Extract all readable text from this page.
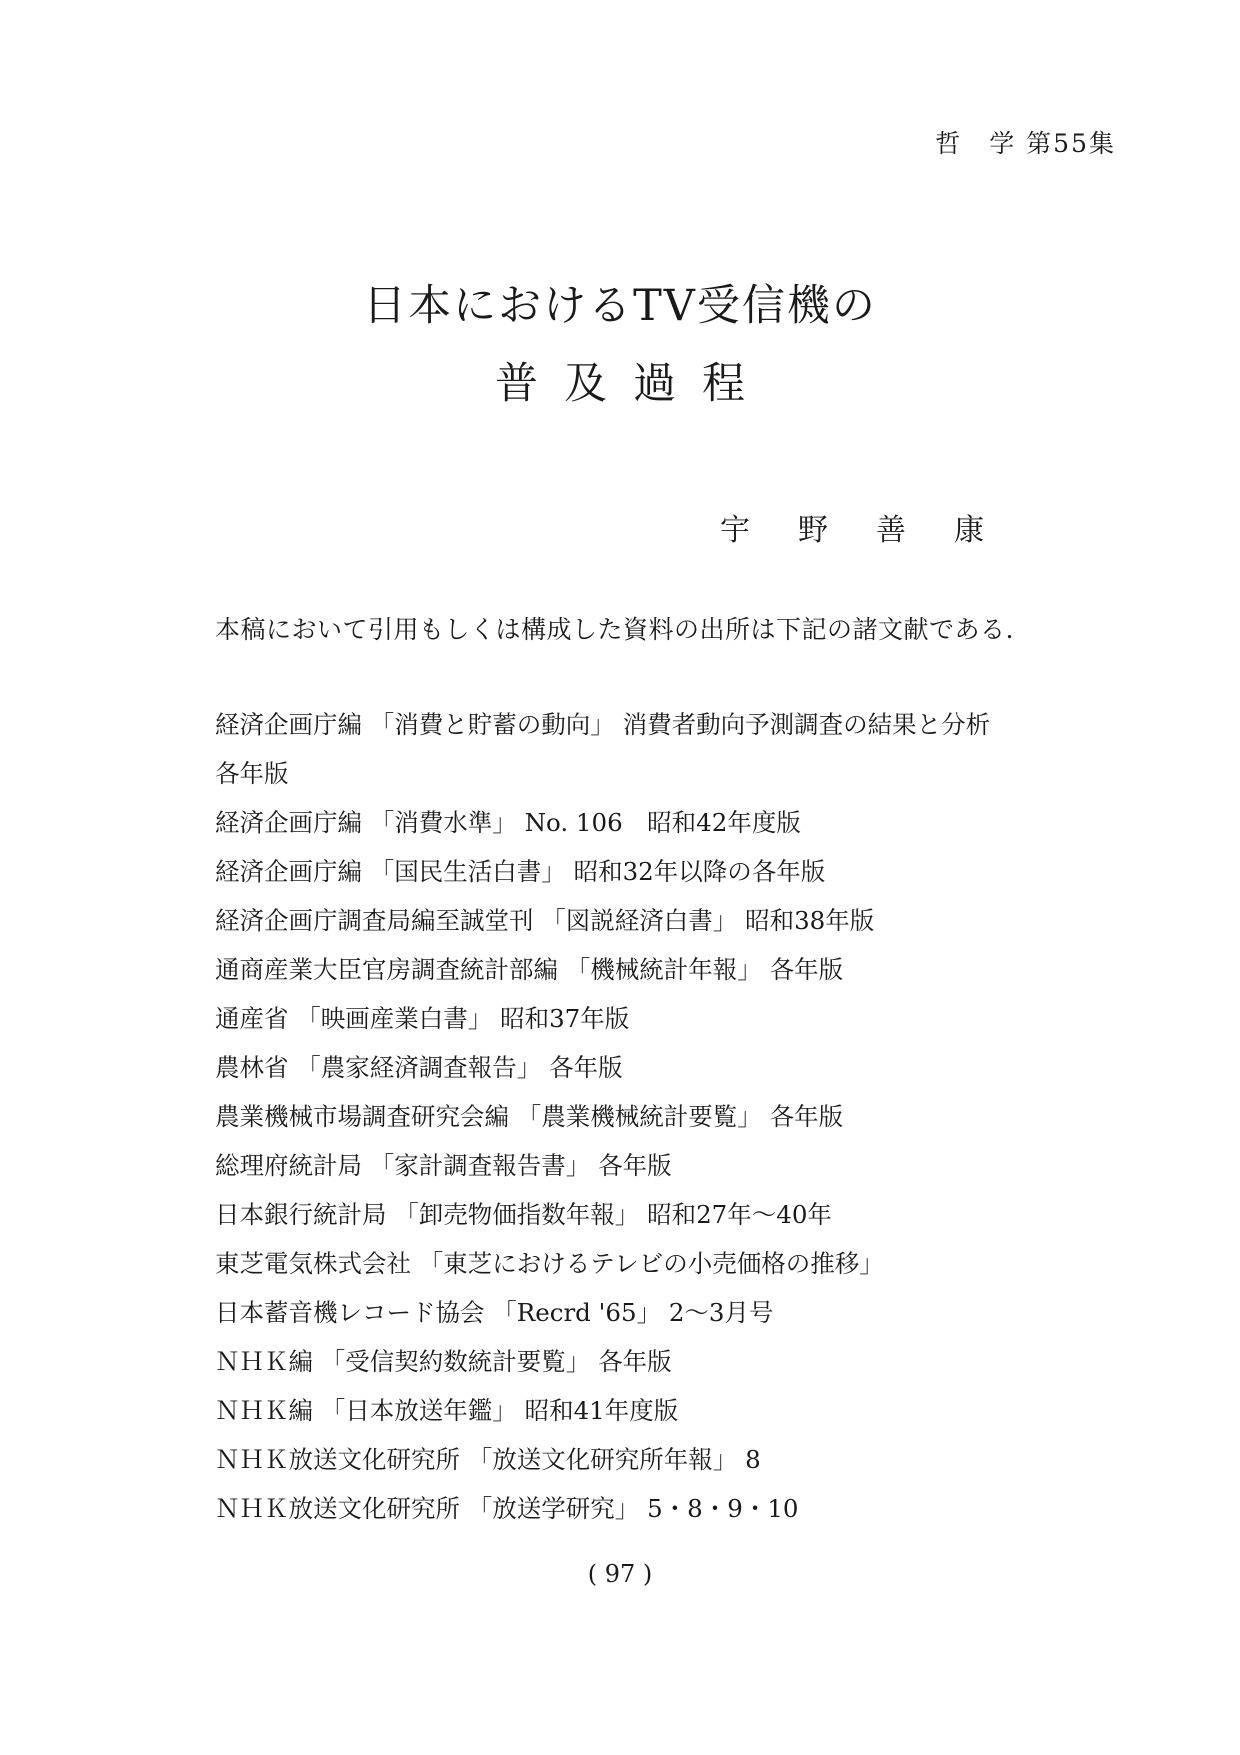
哲　学 第55集
日本におけるTV受信機の
普及過程
宇野善康
本稿において引用もしくは構成した資料の出所は下記の諸文献である.
経済企画庁編 「消費と貯蓄の動向」 消費者動向予測調査の結果と分析
各年版
経済企画庁編 「消費水準」 No. 106　昭和42年度版
経済企画庁編 「国民生活白書」 昭和32年以降の各年版
経済企画庁調査局編至誠堂刊 「図説経済白書」 昭和38年版
通商産業大臣官房調査統計部編 「機械統計年報」 各年版
通産省 「映画産業白書」 昭和37年版
農林省 「農家経済調査報告」 各年版
農業機械市場調査研究会編 「農業機械統計要覧」 各年版
総理府統計局 「家計調査報告書」 各年版
日本銀行統計局 「卸売物価指数年報」 昭和27年～40年
東芝電気株式会社 「東芝におけるテレビの小売価格の推移」
日本蓄音機レコード協会 「Recrd '65」 2～3月号
ＮＨＫ編 「受信契約数統計要覧」 各年版
ＮＨＫ編 「日本放送年鑑」 昭和41年度版
ＮＨＫ放送文化研究所 「放送文化研究所年報」 8
ＮＨＫ放送文化研究所 「放送学研究」 5・8・9・10
( 97 )
